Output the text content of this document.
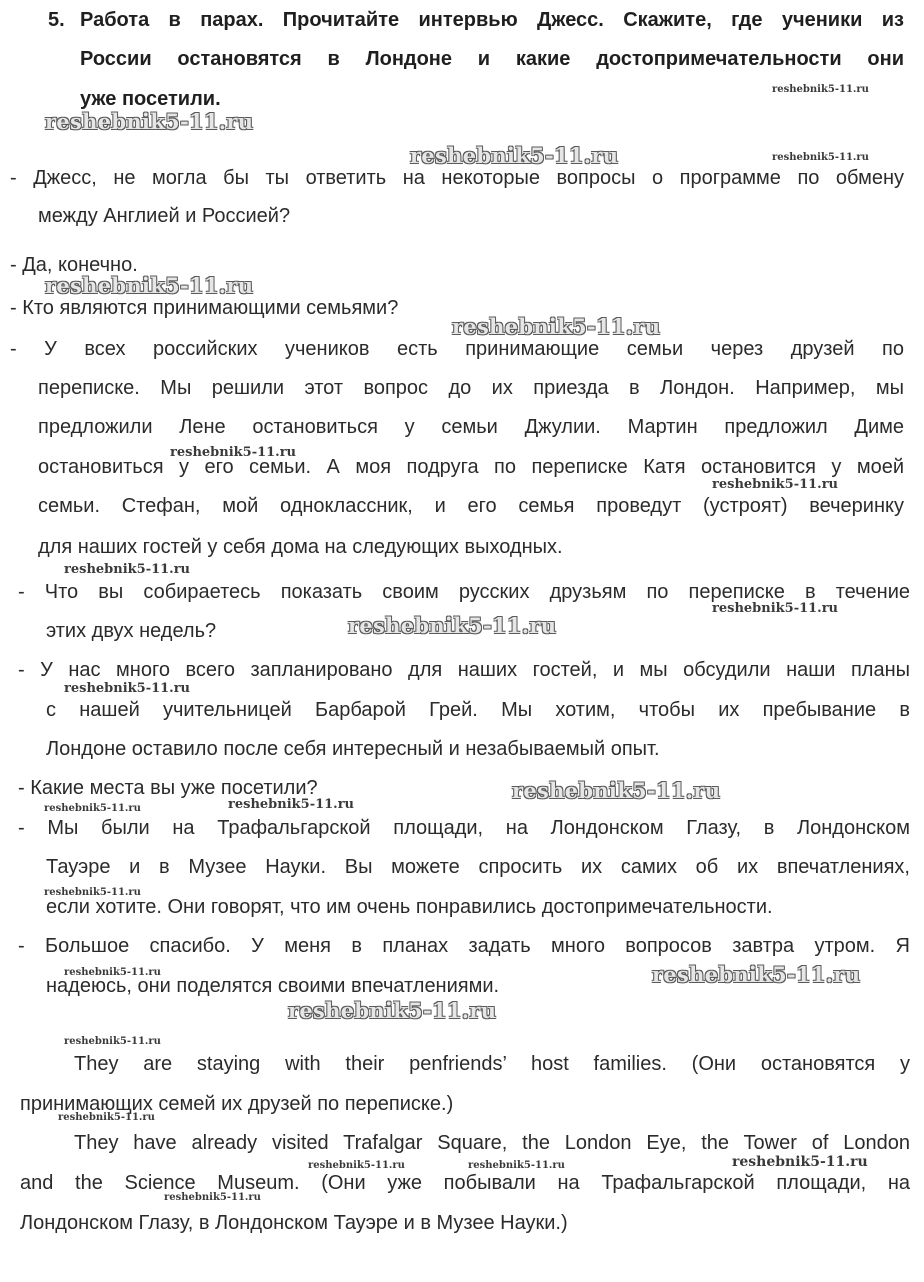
5. Работа в парах. Прочитайте интервью Джесс. Скажите, где ученики из
России остановятся в Лондоне и какие достопримечательности они
уже посетили.
- Джесс, не могла бы ты ответить на некоторые вопросы о программе по обмену
между Англией и Россией?
- Да, конечно.
- Кто являются принимающими семьями?
- У всех российских учеников есть принимающие семьи через друзей по
переписке. Мы решили этот вопрос до их приезда в Лондон. Например, мы
предложили Лене остановиться у семьи Джулии. Мартин предложил Диме
остановиться у его семьи. А моя подруга по переписке Катя остановится у моей
семьи. Стефан, мой одноклассник, и его семья проведут (устроят) вечеринку
для наших гостей у себя дома на следующих выходных.
- Что вы собираетесь показать своим русских друзьям по переписке в течение
этих двух недель?
- У нас много всего запланировано для наших гостей, и мы обсудили наши планы
с нашей учительницей Барбарой Грей. Мы хотим, чтобы их пребывание в
Лондоне оставило после себя интересный и незабываемый опыт.
- Какие места вы уже посетили?
- Мы были на Трафальгарской площади, на Лондонском Глазу, в Лондонском
Тауэре и в Музее Науки. Вы можете спросить их самих об их впечатлениях,
если хотите. Они говорят, что им очень понравились достопримечательности.
- Большое спасибо. У меня в планах задать много вопросов завтра утром. Я
надеюсь, они поделятся своими впечатлениями.
They are staying with their penfriends’ host families. (Они остановятся у
принимающих семей их друзей по переписке.)
They have already visited Trafalgar Square, the London Eye, the Tower of London
and the Science Museum. (Они уже побывали на Трафальгарской площади, на
Лондонском Глазу, в Лондонском Тауэре и в Музее Науки.)
reshebnik5-11.ru
reshebnik5-11.ru
reshebnik5-11.ru	reshebnik5-11.ru
reshebnik5-11.ru
reshebnik5-11.ru
reshebnik5-11.ru
reshebnik5-11.ru
reshebnik5-11.ru
reshebnik5-11.ru
reshebnik5-11.ru
reshebnik5-11.ru
reshebnik5-11.ru
reshebnik5-11.ru	reshebnik5-11.ru
reshebnik5-11.ru
reshebnik5-11.ru	reshebnik5-11.ru
reshebnik5-11.ru
reshebnik5-11.ru
reshebnik5-11.ru
reshebnik5-11.ru	reshebnik5-11.ru	reshebnik5-11.ru
reshebnik5-11.ru
